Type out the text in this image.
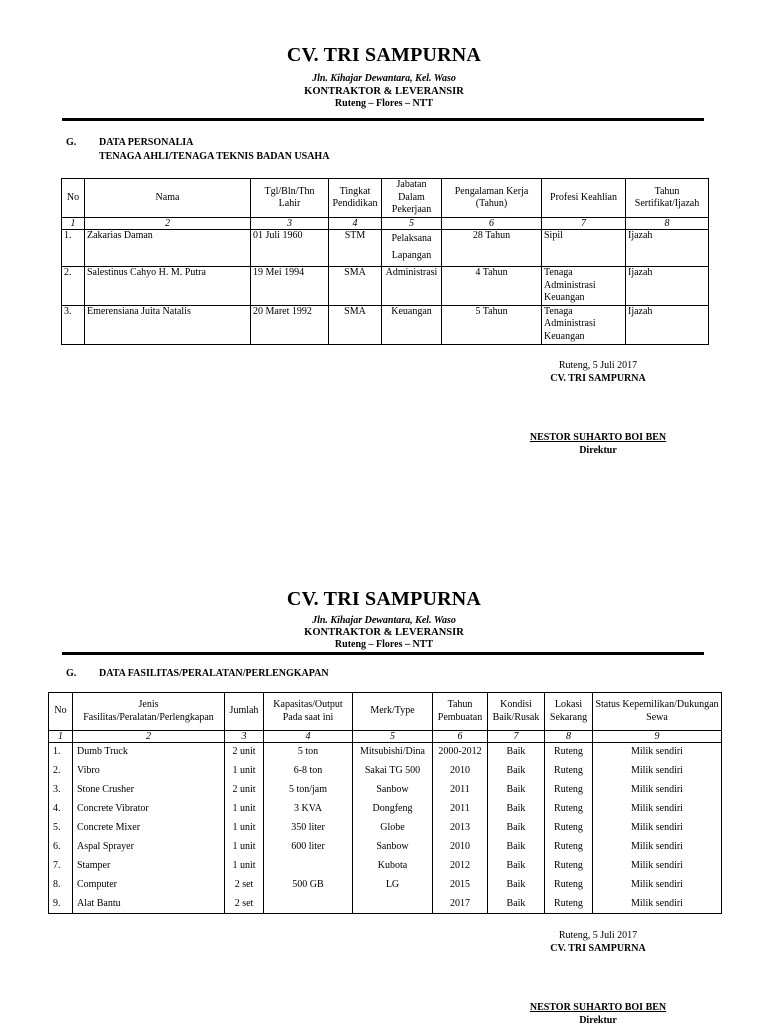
CV. TRI SAMPURNA
Jln. Kihajar Dewantara, Kel. Waso
KONTRAKTOR & LEVERANSIR
Ruteng – Flores – NTT
G. DATA PERSONALIA
TENAGA AHLI/TENAGA TEKNIS BADAN USAHA
No	Nama	Tgl/Bln/Thn Lahir	Tingkat Pendidikan	Jabatan Dalam Pekerjaan	Pengalaman Kerja (Tahun)	Profesi Keahlian	Tahun Sertifikat/Ijazah
1	2	3	4	5	6	7	8
1.	Zakarias Daman	01 Juli 1960	STM	Pelaksana Lapangan	28 Tahun	Sipil	Ijazah
2.	Salestinus Cahyo H. M. Putra	19 Mei 1994	SMA	Administrasi	4 Tahun	Tenaga Administrasi Keuangan	Ijazah
3.	Emerensiana Juita Natalis	20 Maret 1992	SMA	Keuangan	5 Tahun	Tenaga Administrasi Keuangan	Ijazah
Ruteng, 5 Juli 2017
CV. TRI SAMPURNA
NESTOR SUHARTO BOI BEN
Direktur
CV. TRI SAMPURNA
Jln. Kihajar Dewantara, Kel. Waso
KONTRAKTOR & LEVERANSIR
Ruteng – Flores – NTT
G. DATA FASILITAS/PERALATAN/PERLENGKAPAN
No	Jenis Fasilitas/Peralatan/Perlengkapan	Jumlah	Kapasitas/Output Pada saat ini	Merk/Type	Tahun Pembuatan	Kondisi Baik/Rusak	Lokasi Sekarang	Status Kepemilikan/Dukungan Sewa
1	2	3	4	5	6	7	8	9
1.	Dumb Truck	2 unit	5 ton	Mitsubishi/Dina	2000-2012	Baik	Ruteng	Milik sendiri
2.	Vibro	1 unit	6-8 ton	Sakai TG 500	2010	Baik	Ruteng	Milik sendiri
3.	Stone Crusher	2 unit	5 ton/jam	Sanbow	2011	Baik	Ruteng	Milik sendiri
4.	Concrete Vibrator	1 unit	3 KVA	Dongfeng	2011	Baik	Ruteng	Milik sendiri
5.	Concrete Mixer	1 unit	350 liter	Globe	2013	Baik	Ruteng	Milik sendiri
6.	Aspal Sprayer	1 unit	600 liter	Sanbow	2010	Baik	Ruteng	Milik sendiri
7.	Stamper	1 unit		Kubota	2012	Baik	Ruteng	Milik sendiri
8.	Computer	2 set	500 GB	LG	2015	Baik	Ruteng	Milik sendiri
9.	Alat Bantu	2 set			2017	Baik	Ruteng	Milik sendiri
Ruteng, 5 Juli 2017
CV. TRI SAMPURNA
NESTOR SUHARTO BOI BEN
Direktur
